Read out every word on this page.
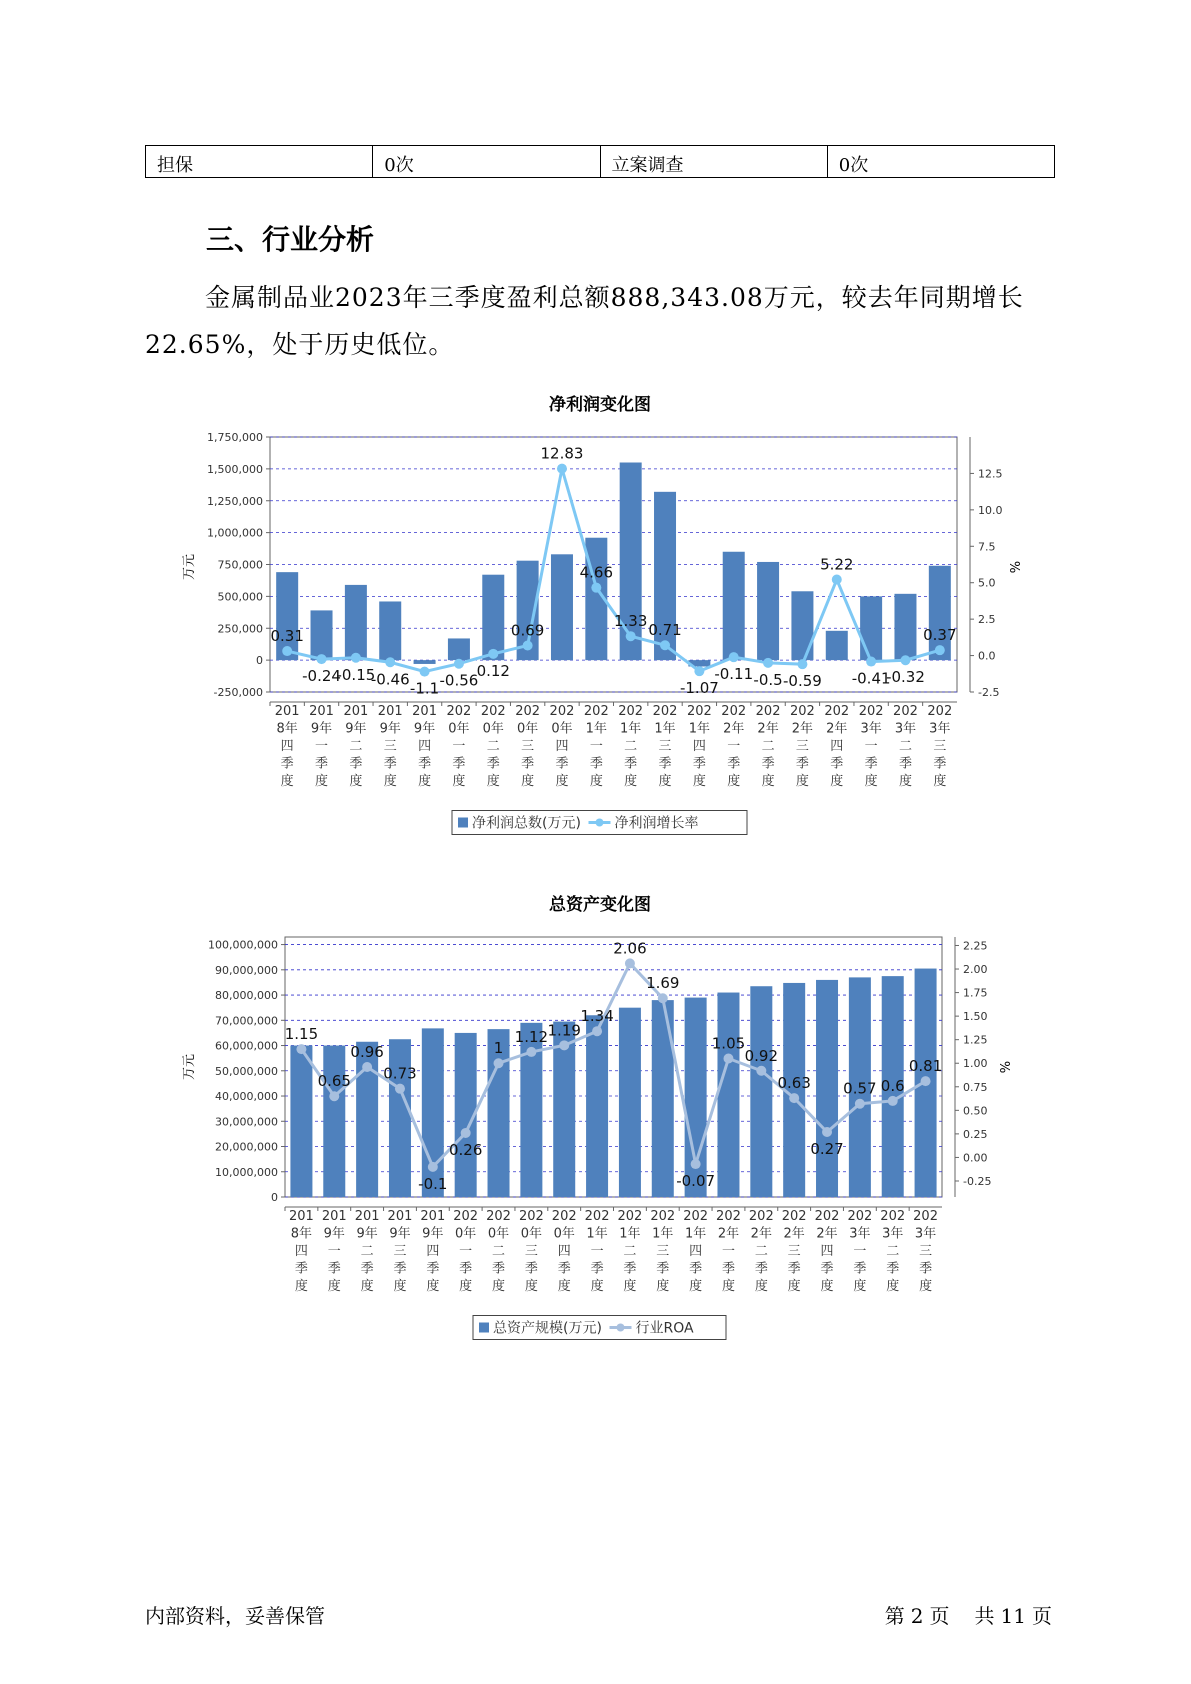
担保	0次	立案调查	0次
三、行业分析

金属制品业2023年三季度盈利总额888,343.08万元，较去年同期增长22.65%，处于历史低位。

净利润变化图
-250,000
0
250,000
500,000
750,000
1,000,000
1,250,000
1,500,000
1,750,000
万元
-2.5
0.0
2.5
5.0
7.5
10.0
12.5
%
0.31
-0.24
-0.15
-0.46
-1.1 -0.56
0.12
0.69
12.83
4.66
1.33
0.71
-1.07
-0.11 -0.5 -0.59
5.22
-0.41
-0.32
0.37
201
8年
四
季
度
201
9年
一
季
度
201
9年
二
季
度
201
9年
三
季
度
201
9年
四
季
度
202
0年
一
季
度
202
0年
二
季
度
202
0年
三
季
度
202
0年
四
季
度
202
1年
一
季
度
202
1年
二
季
度
202
1年
三
季
度
202
1年
四
季
度
202
2年
一
季
度
202
2年
二
季
度
202
2年
三
季
度
202
2年
四
季
度
202
3年
一
季
度
202
3年
二
季
度
202
3年
三
季
度
净利润总数(万元) 净利润增长率
总资产变化图
0
10,000,000
20,000,000
30,000,000
40,000,000
50,000,000
60,000,000
70,000,000
80,000,000
90,000,000
100,000,000
万元
-0.25
0.00
0.25
0.50
0.75
1.00
1.25
1.50
1.75
2.00
2.25
%
1.15
0.65
0.96
0.73
-0.1
0.26
1
1.12 1.19
1.34
2.06
1.69
-0.07
1.05
0.92
0.63
0.27
0.57 0.6
0.81
201
8年
四
季
度
201
9年
一
季
度
201
9年
二
季
度
201
9年
三
季
度
201
9年
四
季
度
202
0年
一
季
度
202
0年
二
季
度
202
0年
三
季
度
202
0年
四
季
度
202
1年
一
季
度
202
1年
二
季
度
202
1年
三
季
度
202
1年
四
季
度
202
2年
一
季
度
202
2年
二
季
度
202
2年
三
季
度
202
2年
四
季
度
202
3年
一
季
度
202
3年
二
季
度
202
3年
三
季
度
总资产规模(万元) 行业ROA
内部资料，妥善保管	第 2 页 共 11 页
